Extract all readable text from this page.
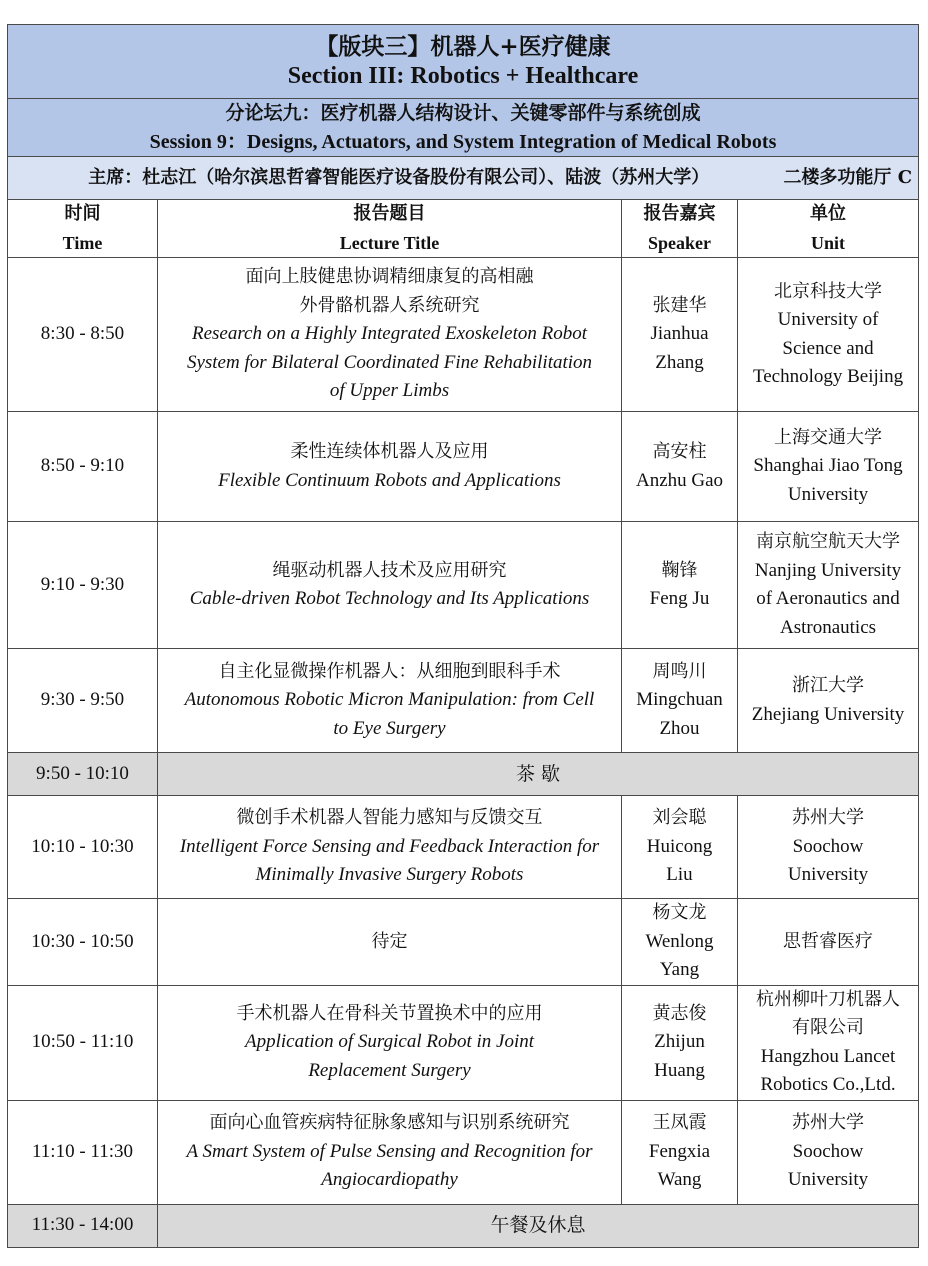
【版块三】机器人+医疗健康
Section III: Robotics + Healthcare			

分论坛九：医疗机器人结构设计、关键零部件与系统创成
Session 9：Designs, Actuators, and System Integration of Medical Robots			

主席：杜志江（哈尔滨思哲睿智能医疗设备股份有限公司）、陆波（苏州大学） 二楼多功能厅 C			

时间
Time	报告题目
Lecture Title	报告嘉宾
Speaker	单位
Unit

8:30 - 8:50	面向上肢健患协调精细康复的高相融
外骨骼机器人系统研究
Research on a Highly Integrated Exoskeleton Robot
System for Bilateral Coordinated Fine Rehabilitation
of Upper Limbs	张建华
Jianhua
Zhang	北京科技大学
University of
Science and
Technology Beijing

8:50 - 9:10	柔性连续体机器人及应用
Flexible Continuum Robots and Applications	高安柱
Anzhu Gao	上海交通大学
Shanghai Jiao Tong
University

9:10 - 9:30	绳驱动机器人技术及应用研究
Cable-driven Robot Technology and Its Applications	鞠锋
Feng Ju	南京航空航天大学
Nanjing University
of Aeronautics and
Astronautics

9:30 - 9:50	自主化显微操作机器人：从细胞到眼科手术
Autonomous Robotic Micron Manipulation: from Cell
to Eye Surgery	周鸣川
Mingchuan
Zhou	浙江大学
Zhejiang University

9:50 - 10:10	茶 歇		
10:10 - 10:30	微创手术机器人智能力感知与反馈交互
Intelligent Force Sensing and Feedback Interaction for
Minimally Invasive Surgery Robots	刘会聪
Huicong
Liu	苏州大学
Soochow
University

10:30 - 10:50	待定	杨文龙
Wenlong
Yang	思哲睿医疗

10:50 - 11:10	手术机器人在骨科关节置换术中的应用
Application of Surgical Robot in Joint
Replacement Surgery	黄志俊
Zhijun
Huang	杭州柳叶刀机器人
有限公司
Hangzhou Lancet
Robotics Co.,Ltd.

11:10 - 11:30	面向心血管疾病特征脉象感知与识别系统研究
A Smart System of Pulse Sensing and Recognition for
Angiocardiopathy	王凤霞
Fengxia
Wang	苏州大学
Soochow
University

11:30 - 14:00	午餐及休息		
